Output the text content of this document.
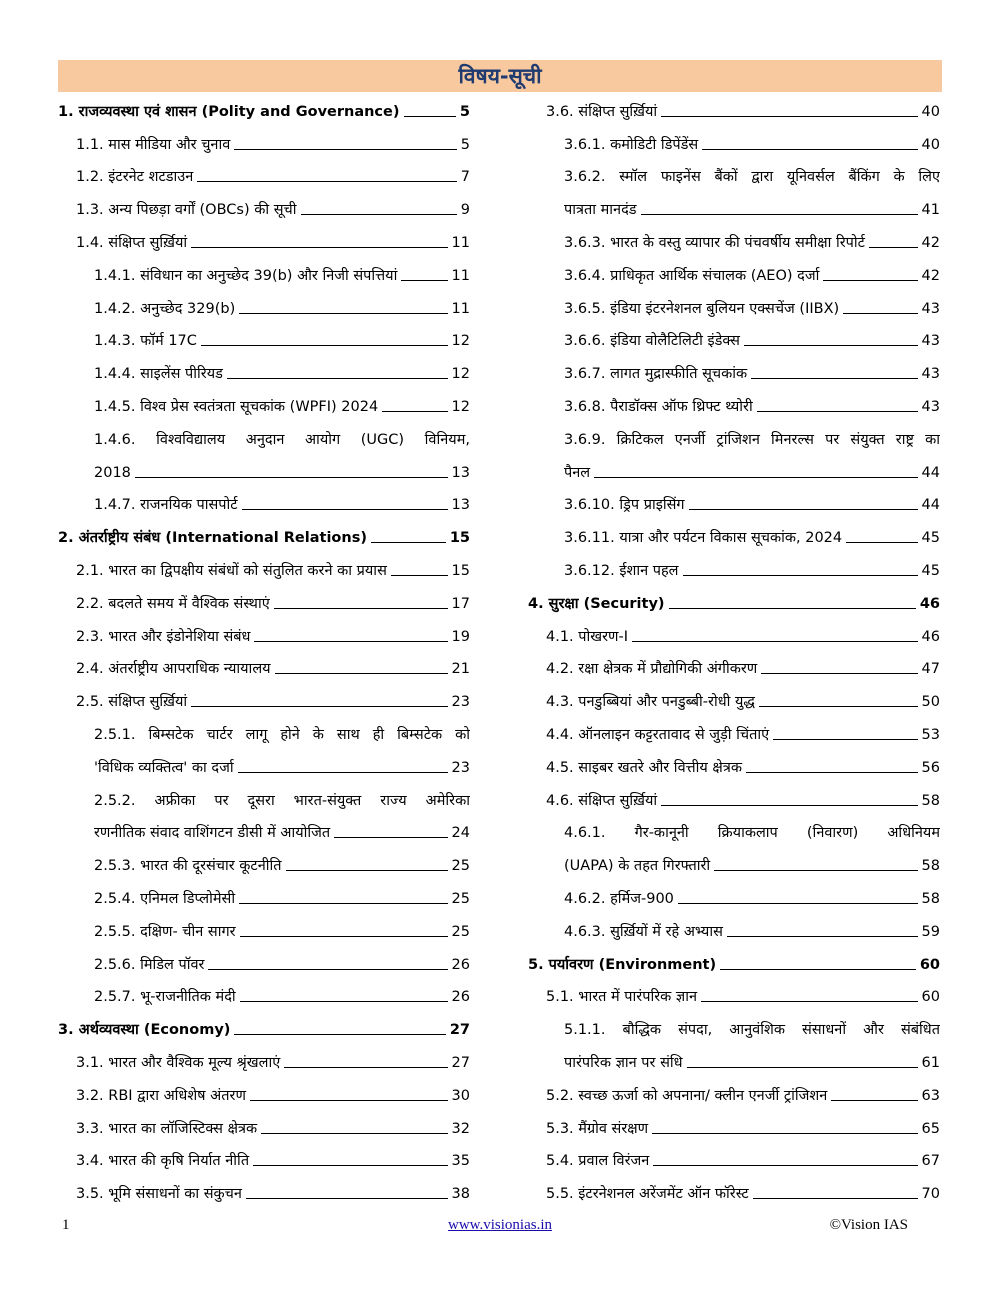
विषय-सूची
1. राजव्यवस्था एवं शासन (Polity and Governance)	5
1.1. मास मीडिया और चुनाव	5
1.2. इंटरनेट शटडाउन	7
1.3. अन्य पिछड़ा वर्गों (OBCs) की सूची	9
1.4. संक्षिप्त सुर्ख़ियां	11
1.4.1. संविधान का अनुच्छेद 39(b) और निजी संपत्तियां	11
1.4.2. अनुच्छेद 329(b)	11
1.4.3. फॉर्म 17C	12
1.4.4. साइलेंस पीरियड	12
1.4.5. विश्व प्रेस स्वतंत्रता सूचकांक (WPFI) 2024	12
1.4.6. विश्वविद्यालय अनुदान आयोग (UGC) विनियम,
2018	13
1.4.7. राजनयिक पासपोर्ट	13
2. अंतर्राष्ट्रीय संबंध (International Relations)	15
2.1. भारत का द्विपक्षीय संबंधों को संतुलित करने का प्रयास	15
2.2. बदलते समय में वैश्विक संस्थाएं	17
2.3. भारत और इंडोनेशिया संबंध	19
2.4. अंतर्राष्ट्रीय आपराधिक न्यायालय	21
2.5. संक्षिप्त सुर्ख़ियां	23
2.5.1. बिम्सटेक चार्टर लागू होने के साथ ही बिम्सटेक को
'विधिक व्यक्तित्व' का दर्जा	23
2.5.2. अफ्रीका पर दूसरा भारत-संयुक्त राज्य अमेरिका
रणनीतिक संवाद वाशिंगटन डीसी में आयोजित	24
2.5.3. भारत की दूरसंचार कूटनीति	25
2.5.4. एनिमल डिप्लोमेसी	25
2.5.5. दक्षिण- चीन सागर	25
2.5.6. मिडिल पॉवर	26
2.5.7. भू-राजनीतिक मंदी	26
3. अर्थव्यवस्था (Economy)	27
3.1. भारत और वैश्विक मूल्य श्रृंखलाएं	27
3.2. RBI द्वारा अधिशेष अंतरण	30
3.3. भारत का लॉजिस्टिक्स क्षेत्रक	32
3.4. भारत की कृषि निर्यात नीति	35
3.5. भूमि संसाधनों का संकुचन	38
3.6. संक्षिप्त सुर्ख़ियां	40
3.6.1. कमोडिटी डिपेंडेंस	40
3.6.2. स्मॉल फाइनेंस बैंकों द्वारा यूनिवर्सल बैंकिंग के लिए
पात्रता मानदंड	41
3.6.3. भारत के वस्तु व्यापार की पंचवर्षीय समीक्षा रिपोर्ट	42
3.6.4. प्राधिकृत आर्थिक संचालक (AEO) दर्जा	42
3.6.5. इंडिया इंटरनेशनल बुलियन एक्सचेंज (IIBX)	43
3.6.6. इंडिया वोलैटिलिटी इंडेक्स	43
3.6.7. लागत मुद्रास्फीति सूचकांक	43
3.6.8. पैराडॉक्स ऑफ थ्रिफ्ट थ्योरी	43
3.6.9. क्रिटिकल एनर्जी ट्रांजिशन मिनरल्स पर संयुक्त राष्ट्र का
पैनल	44
3.6.10. ड्रिप प्राइसिंग	44
3.6.11. यात्रा और पर्यटन विकास सूचकांक, 2024	45
3.6.12. ईशान पहल	45
4. सुरक्षा (Security)	46
4.1. पोखरण-I	46
4.2. रक्षा क्षेत्रक में प्रौद्योगिकी अंगीकरण	47
4.3. पनडुब्बियां और पनडुब्बी-रोधी युद्ध	50
4.4. ऑनलाइन कट्टरतावाद से जुड़ी चिंताएं	53
4.5. साइबर खतरे और वित्तीय क्षेत्रक	56
4.6. संक्षिप्त सुर्ख़ियां	58
4.6.1. गैर-कानूनी क्रियाकलाप (निवारण) अधिनियम
(UAPA) के तहत गिरफ्तारी	58
4.6.2. हर्मिज-900	58
4.6.3. सुर्ख़ियों में रहे अभ्यास	59
5. पर्यावरण (Environment)	60
5.1. भारत में पारंपरिक ज्ञान	60
5.1.1. बौद्धिक संपदा, आनुवंशिक संसाधनों और संबंधित
पारंपरिक ज्ञान पर संधि	61
5.2. स्वच्छ ऊर्जा को अपनाना/ क्लीन एनर्जी ट्रांजिशन	63
5.3. मैंग्रोव संरक्षण	65
5.4. प्रवाल विरंजन	67
5.5. इंटरनेशनल अरेंजमेंट ऑन फॉरेस्ट	70
1	www.visionias.in	©Vision IAS
